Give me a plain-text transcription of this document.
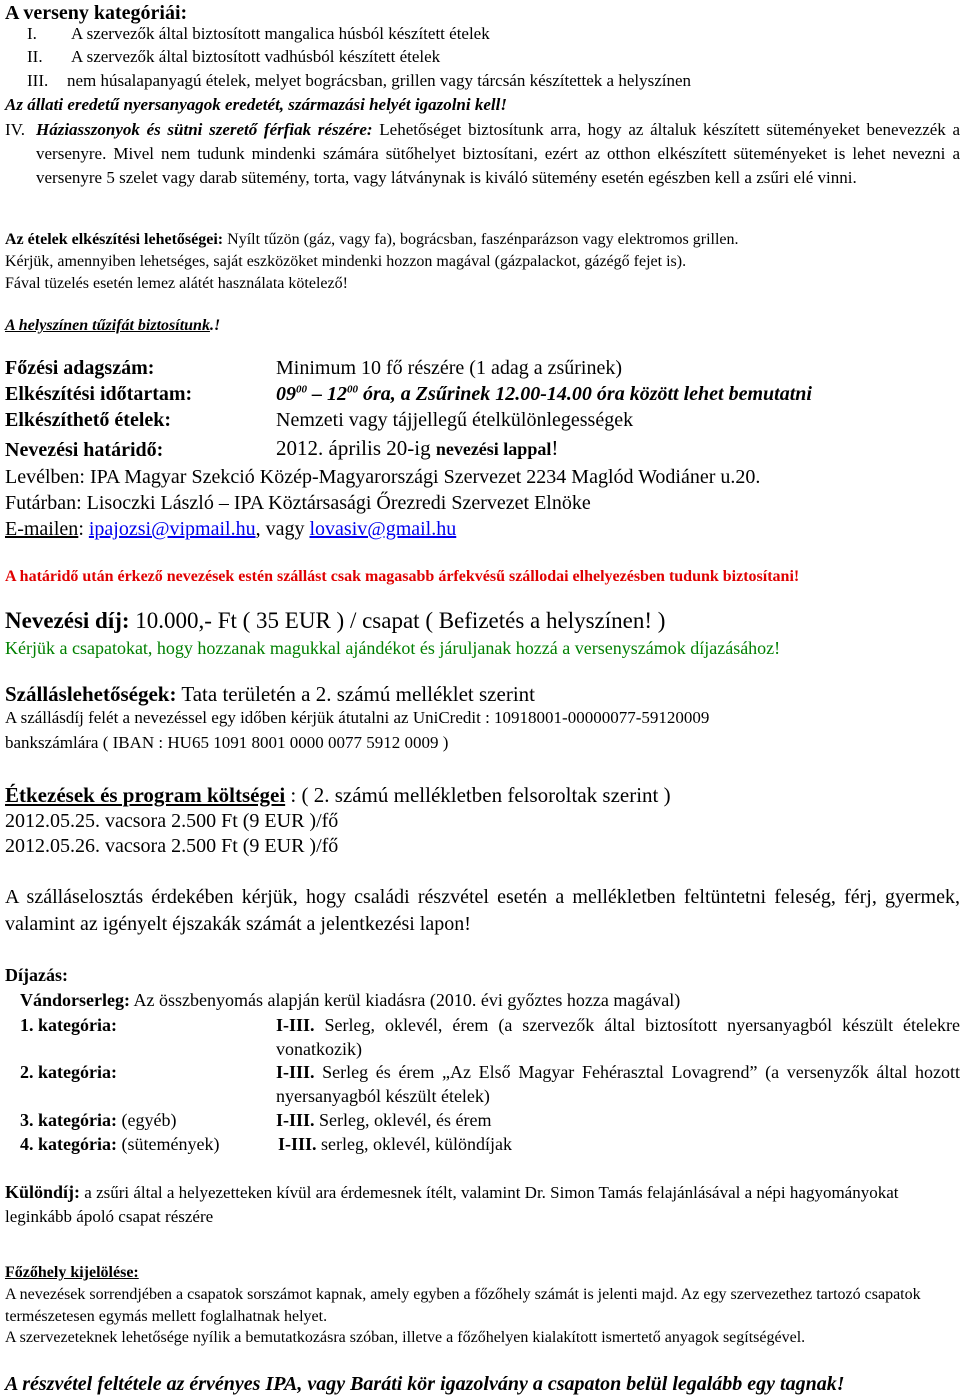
A verseny kategóriái:
I. A szervezők által biztosított mangalica húsból készített ételek
II. A szervezők által biztosított vadhúsból készített ételek
III. nem húsalapanyagú ételek, melyet bográcsban, grillen vagy tárcsán készítettek a helyszínen
Az állati eredetű nyersanyagok eredetét, származási helyét igazolni kell!
IV. Háziasszonyok és sütni szerető férfiak részére: Lehetőséget biztosítunk arra, hogy az általuk készített süteményeket benevezzék a versenyre. Mivel nem tudunk mindenki számára sütőhelyet biztosítani, ezért az otthon elkészített süteményeket is lehet nevezni a versenyre 5 szelet vagy darab sütemény, torta, vagy látványnak is kiváló sütemény esetén egészben kell a zsűri elé vinni.
Az ételek elkészítési lehetőségei: Nyílt tűzön (gáz, vagy fa), bográcsban, faszénparázson vagy elektromos grillen.
Kérjük, amennyiben lehetséges, saját eszközöket mindenki hozzon magával (gázpalackot, gázégő fejet is).
Fával tüzelés esetén lemez alátét használata kötelező!
A helyszínen tűzifát biztosítunk.!
Főzési adagszám:	Minimum 10 fő részére (1 adag a zsűrinek)
Elkészítési időtartam:	$09^{00} - 12^{00}$ óra, a Zsűrinek 12.00-14.00 óra között lehet bemutatni
Elkészíthető ételek:	Nemzeti vagy tájjellegű ételkülönlegességek
Nevezési határidő:	2012. április 20-ig nevezési lappal!
Levélben: IPA Magyar Szekció Közép-Magyarországi Szervezet 2234 Maglód Wodiáner u.20.
Futárban: Lisoczki László – IPA Köztársasági Őrezredi Szervezet Elnöke
E-mailen: ipajozsi@vipmail.hu, vagy lovasiv@gmail.hu
A határidő után érkező nevezések estén szállást csak magasabb árfekvésű szállodai elhelyezésben tudunk biztosítani!
Nevezési díj: 10.000,- Ft ( 35 EUR ) / csapat ( Befizetés a helyszínen! )
Kérjük a csapatokat, hogy hozzanak magukkal ajándékot és járuljanak hozzá a versenyszámok díjazásához!
Szálláslehetőségek: Tata területén a 2. számú melléklet szerint
A szállásdíj felét a nevezéssel egy időben kérjük átutalni az UniCredit : 10918001-00000077-59120009
bankszámlára ( IBAN : HU65 1091 8001 0000 0077 5912 0009 )
Étkezések és program költségei : ( 2. számú mellékletben felsoroltak szerint )
2012.05.25. vacsora 2.500 Ft (9 EUR )/fő
2012.05.26. vacsora 2.500 Ft (9 EUR )/fő
A szálláselosztás érdekében kérjük, hogy családi részvétel esetén a mellékletben feltüntetni feleség, férj, gyermek, valamint az igényelt éjszakák számát a jelentkezési lapon!
Díjazás:
Vándorserleg: Az összbenyomás alapján kerül kiadásra (2010. évi győztes hozza magával)
1. kategória:	I-III. Serleg, oklevél, érem (a szervezők által biztosított nyersanyagból készült ételekre vonatkozik)
2. kategória:	I-III. Serleg és érem „Az Első Magyar Fehérasztal Lovagrend” (a versenyzők által hozott nyersanyagból készült ételek)
3. kategória: (egyéb)	I-III. Serleg, oklevél, és érem
4. kategória: (sütemények)	I-III. serleg, oklevél, különdíjak
Különdíj: a zsűri által a helyezetteken kívül ara érdemesnek ítélt, valamint Dr. Simon Tamás felajánlásával a népi hagyományokat leginkább ápoló csapat részére
Főzőhely kijelölése:
A nevezések sorrendjében a csapatok sorszámot kapnak, amely egyben a főzőhely számát is jelenti majd. Az egy szervezethez tartozó csapatok természetesen egymás mellett foglalhatnak helyet.
A szervezeteknek lehetősége nyílik a bemutatkozásra szóban, illetve a főzőhelyen kialakított ismertető anyagok segítségével.
A részvétel feltétele az érvényes IPA, vagy Baráti kör igazolvány a csapaton belül legalább egy tagnak!
